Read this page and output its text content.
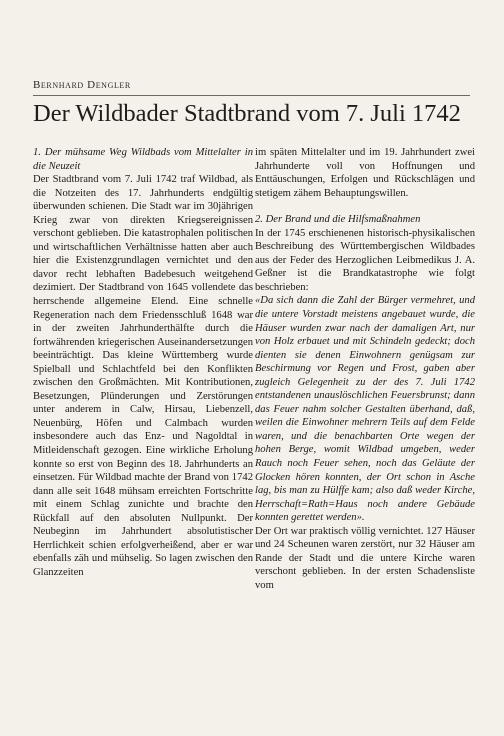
Bernhard Dengler
Der Wildbader Stadtbrand vom 7. Juli 1742

1. Der mühsame Weg Wildbads vom Mittelalter in die Neuzeit

Der Stadtbrand vom 7. Juli 1742 traf Wildbad, als die Notzeiten des 17. Jahrhunderts endgültig überwunden schienen. Die Stadt war im 30jährigen Krieg zwar von direkten Kriegsereignissen verschont geblieben. Die katastrophalen politischen und wirtschaftlichen Verhältnisse hatten aber auch hier die Existenzgrundlagen vernichtet und den davor recht lebhaften Badebesuch weitgehend dezimiert. Der Stadtbrand von 1645 vollendete das herrschende allgemeine Elend. Eine schnelle Regeneration nach dem Friedensschluß 1648 war in der zweiten Jahrhunderthälfte durch die fortwährenden kriegerischen Auseinandersetzungen beeinträchtigt. Das kleine Württemberg wurde Spielball und Schlachtfeld bei den Konflikten zwischen den Großmächten. Mit Kontributionen, Besetzungen, Plünderungen und Zerstörungen unter anderem in Calw, Hirsau, Liebenzell, Neuenbürg, Höfen und Calmbach wurden insbesondere auch das Enz- und Nagoldtal in Mitleidenschaft gezogen. Eine wirkliche Erholung konnte so erst von Beginn des 18. Jahrhunderts an einsetzen. Für Wildbad machte der Brand von 1742 dann alle seit 1648 mühsam erreichten Fortschritte mit einem Schlag zunichte und brachte den Rückfall auf den absoluten Nullpunkt. Der Neubeginn im Jahrhundert absolutistischer Herrlichkeit schien erfolgverheißend, aber er war ebenfalls zäh und mühselig. So lagen zwischen den Glanzzeiten

im späten Mittelalter und im 19. Jahrhundert zwei Jahrhunderte voll von Hoffnungen und Enttäuschungen, Erfolgen und Rückschlägen und stetigem zähem Behauptungswillen.

2. Der Brand und die Hilfsmaßnahmen

In der 1745 erschienenen historisch-physikalischen Beschreibung des Württembergischen Wildbades aus der Feder des Herzoglichen Leibmedikus J. A. Geßner ist die Brandkatastrophe wie folgt beschrieben:

«Da sich dann die Zahl der Bürger vermehret, und die untere Vorstadt meistens angebauet wurde, die Häuser wurden zwar nach der damaligen Art, nur von Holz erbauet und mit Schindeln gedeckt; doch dienten sie denen Einwohnern genügsam zur Beschirmung vor Regen und Frost, gaben aber zugleich Gelegenheit zu der des 7. Juli 1742 entstandenen unauslöschlichen Feuersbrunst; dann das Feuer nahm solcher Gestalten überhand, daß, weilen die Einwohner mehrern Teils auf dem Felde waren, und die benachbarten Orte wegen der hohen Berge, womit Wildbad umgeben, weder Rauch noch Feuer sehen, noch das Geläute der Glocken hören konnten, der Ort schon in Asche lag, bis man zu Hülffe kam; also daß weder Kirche, Herrschaft=Rath=Haus noch andere Gebäude konnten gerettet werden».

Der Ort war praktisch völlig vernichtet. 127 Häuser und 24 Scheunen waren zerstört, nur 32 Häuser am Rande der Stadt und die untere Kirche waren verschont geblieben. In der ersten Schadensliste vom
